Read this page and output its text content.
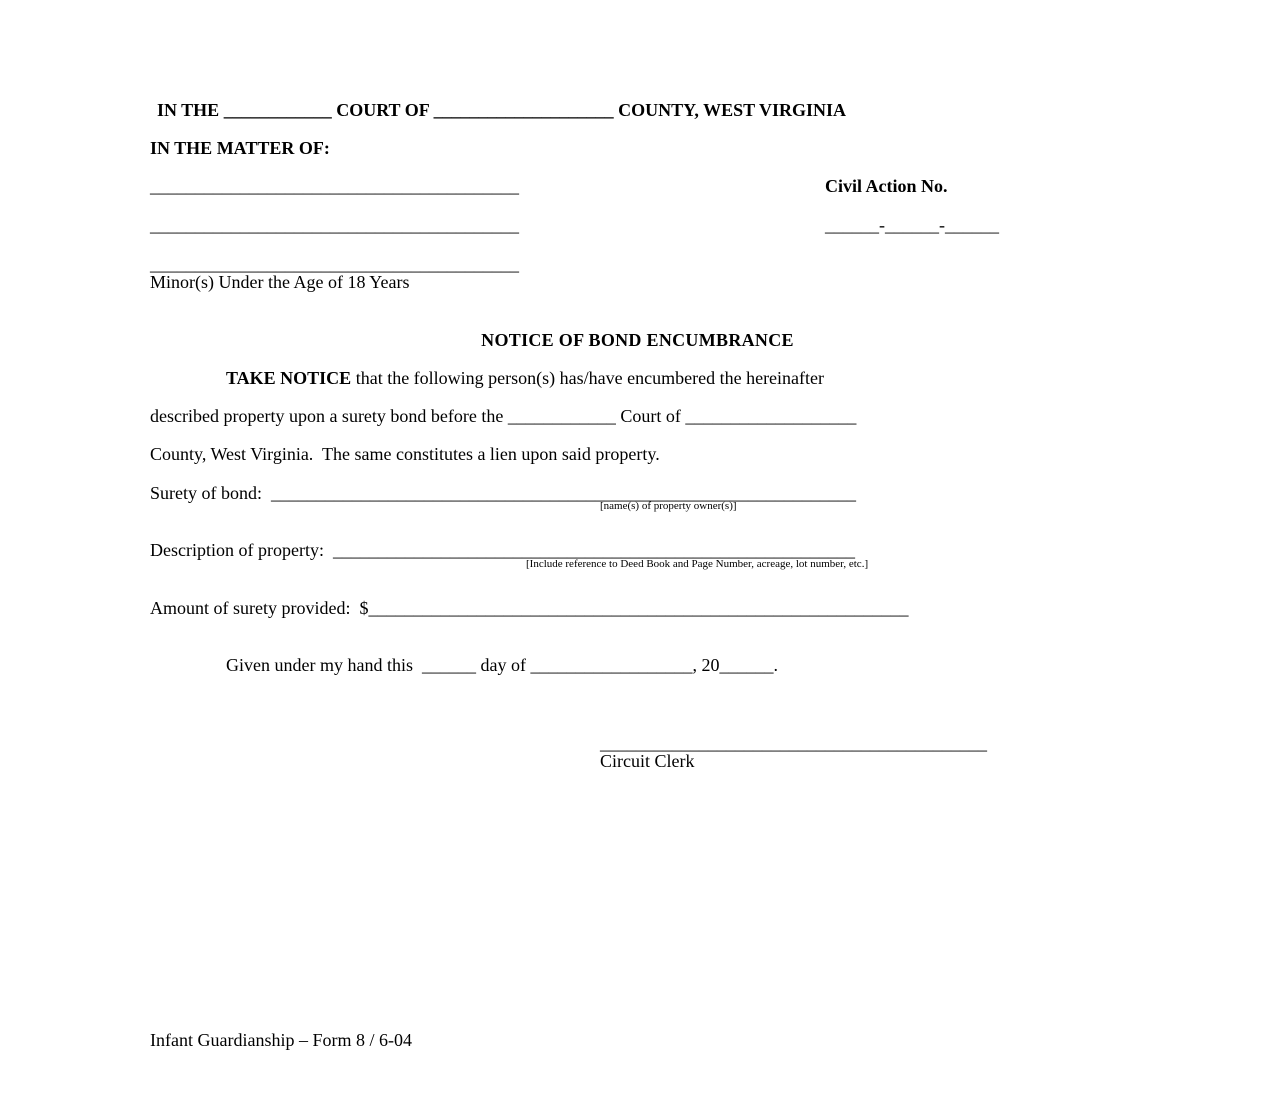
IN THE ____________ COURT OF ____________________ COUNTY, WEST VIRGINIA
IN THE MATTER OF:
_________________________________________	Civil Action No.
_________________________________________	______-______-______
_________________________________________
Minor(s) Under the Age of 18 Years
NOTICE OF BOND ENCUMBRANCE
TAKE NOTICE that the following person(s) has/have encumbered the hereinafter
described property upon a surety bond before the ____________ Court of ___________________
County, West Virginia.  The same constitutes a lien upon said property.
Surety of bond:  _________________________________________________________________
[name(s) of property owner(s)]
Description of property:  __________________________________________________________
[Include reference to Deed Book and Page Number, acreage, lot number, etc.]
Amount of surety provided:  $____________________________________________________________
Given under my hand this  ______ day of __________________, 20______.
___________________________________________
Circuit Clerk
Infant Guardianship – Form 8 / 6-04
